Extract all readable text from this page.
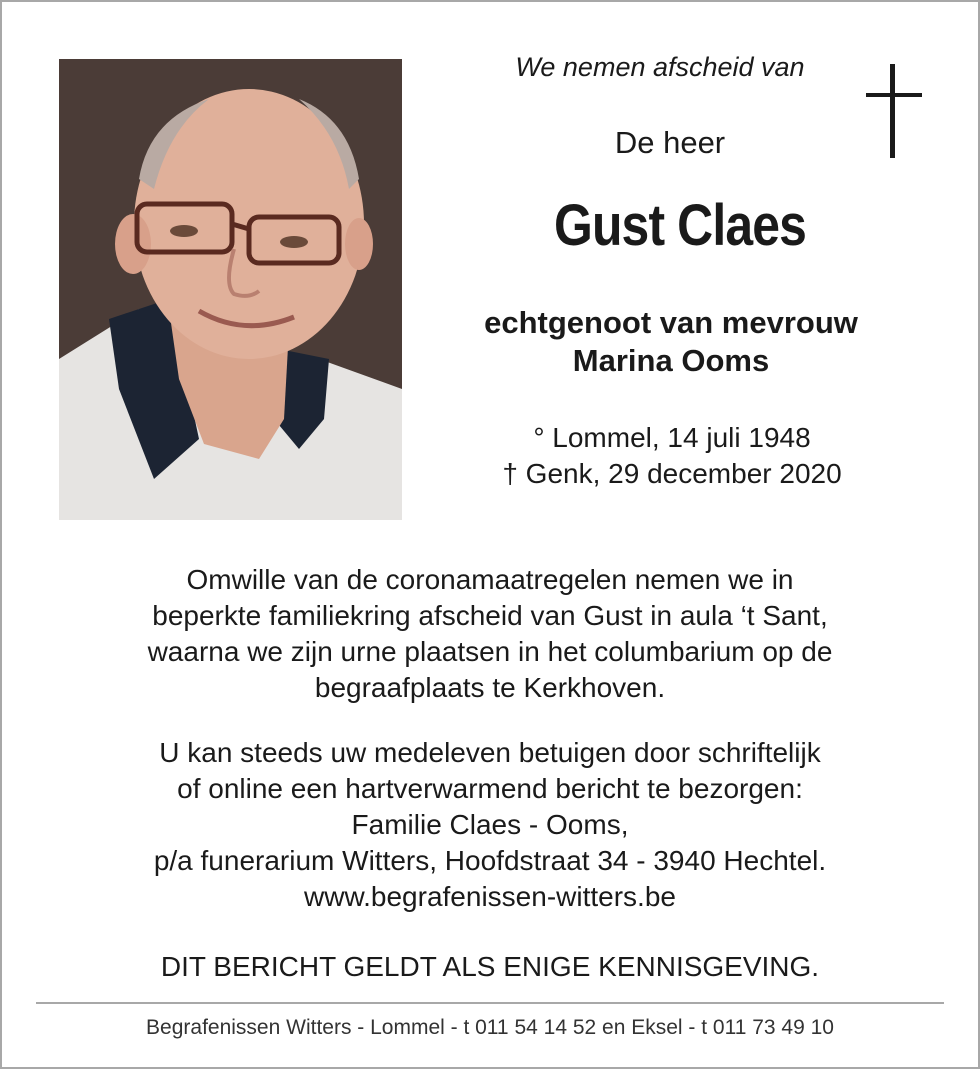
We nemen afscheid van
De heer
Gust Claes
echtgenoot van mevrouw
Marina Ooms
° Lommel, 14 juli 1948
† Genk, 29 december 2020
Omwille van de coronamaatregelen nemen we in
beperkte familiekring afscheid van Gust in aula ‘t Sant,
waarna we zijn urne plaatsen in het columbarium op de
begraafplaats te Kerkhoven.
U kan steeds uw medeleven betuigen door schriftelijk
of online een hartverwarmend bericht te bezorgen:
Familie Claes - Ooms,
p/a funerarium Witters, Hoofdstraat 34 - 3940 Hechtel.
www.begrafenissen-witters.be
DIT BERICHT GELDT ALS ENIGE KENNISGEVING.
Begrafenissen Witters - Lommel - t 011 54 14 52 en Eksel - t 011 73 49 10
